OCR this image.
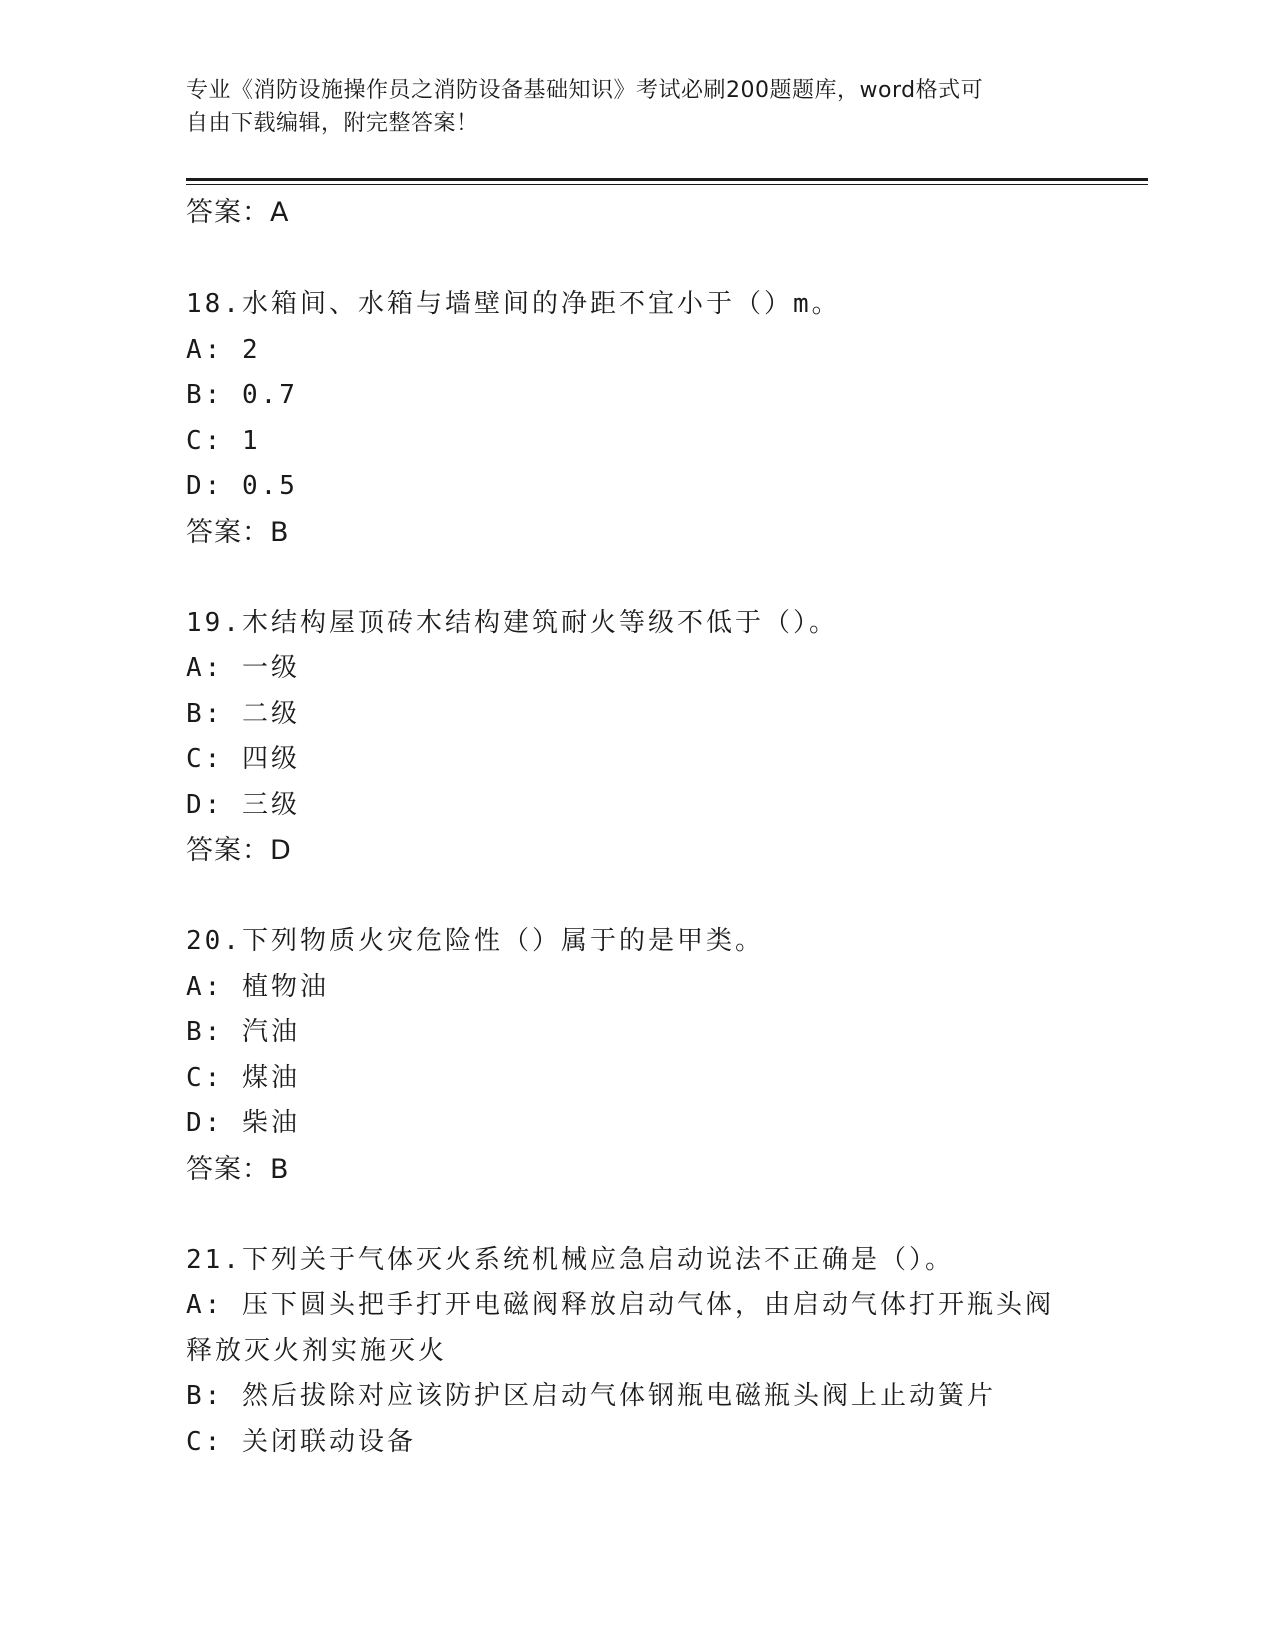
专业《消防设施操作员之消防设备基础知识》考试必刷200题题库，word格式可
自由下载编辑，附完整答案！
答案：A
18.水箱间、水箱与墙壁间的净距不宜小于（）m。
A: 2
B: 0.7
C: 1
D: 0.5
答案：B
19.木结构屋顶砖木结构建筑耐火等级不低于（）。
A: 一级
B: 二级
C: 四级
D: 三级
答案：D
20.下列物质火灾危险性（）属于的是甲类。
A: 植物油
B: 汽油
C: 煤油
D: 柴油
答案：B
21.下列关于气体灭火系统机械应急启动说法不正确是（）。
A: 压下圆头把手打开电磁阀释放启动气体，由启动气体打开瓶头阀释放灭火剂实施灭火
B: 然后拔除对应该防护区启动气体钢瓶电磁瓶头阀上止动簧片
C: 关闭联动设备
